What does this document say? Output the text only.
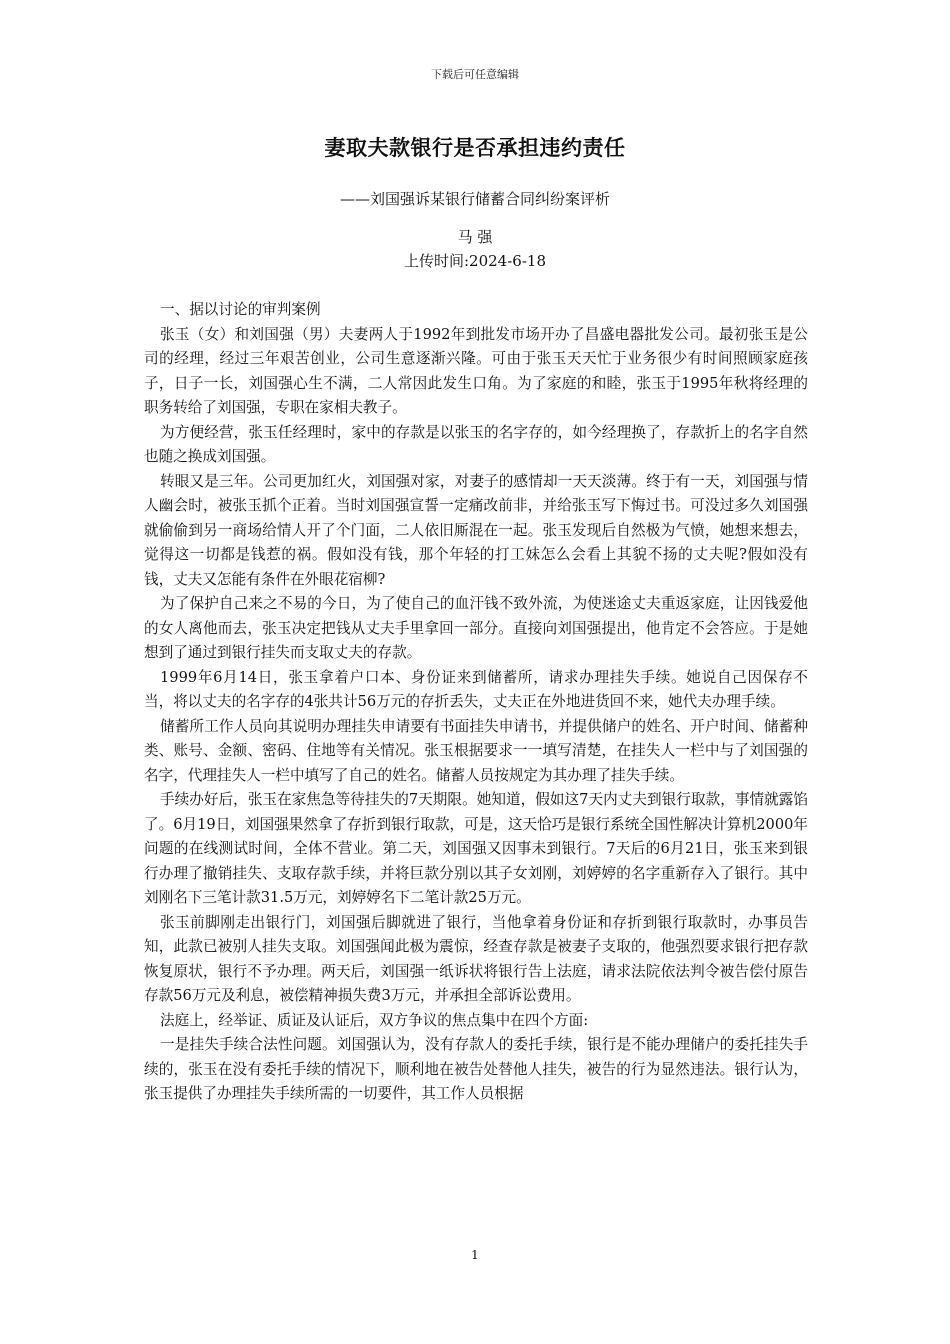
下载后可任意编辑
妻取夫款银行是否承担违约责任
——刘国强诉某银行储蓄合同纠纷案评析
马 强
上传时间:2024-6-18

一、据以讨论的审判案例

张玉（女）和刘国强（男）夫妻两人于1992年到批发市场开办了昌盛电器批发公司。最初张玉是公司的经理，经过三年艰苦创业，公司生意逐渐兴隆。可由于张玉天天忙于业务很少有时间照顾家庭孩子，日子一长，刘国强心生不满，二人常因此发生口角。为了家庭的和睦，张玉于1995年秋将经理的职务转给了刘国强，专职在家相夫教子。

为方便经营，张玉任经理时，家中的存款是以张玉的名字存的，如今经理换了，存款折上的名字自然也随之换成刘国强。

转眼又是三年。公司更加红火，刘国强对家，对妻子的感情却一天天淡薄。终于有一天，刘国强与情人幽会时，被张玉抓个正着。当时刘国强宣誓一定痛改前非，并给张玉写下悔过书。可没过多久刘国强就偷偷到另一商场给情人开了个门面，二人依旧厮混在一起。张玉发现后自然极为气愤，她想来想去，觉得这一切都是钱惹的祸。假如没有钱，那个年轻的打工妹怎么会看上其貌不扬的丈夫呢?假如没有钱，丈夫又怎能有条件在外眼花宿柳?

为了保护自己来之不易的今日，为了使自己的血汗钱不致外流，为使迷途丈夫重返家庭，让因钱爱他的女人离他而去，张玉决定把钱从丈夫手里拿回一部分。直接向刘国强提出，他肯定不会答应。于是她想到了通过到银行挂失而支取丈夫的存款。

1999年6月14日，张玉拿着户口本、身份证来到储蓄所，请求办理挂失手续。她说自己因保存不当，将以丈夫的名字存的4张共计56万元的存折丢失，丈夫正在外地进货回不来，她代夫办理手续。

储蓄所工作人员向其说明办理挂失申请要有书面挂失申请书，并提供储户的姓名、开户时间、储蓄种类、账号、金额、密码、住地等有关情况。张玉根据要求一一填写清楚，在挂失人一栏中与了刘国强的名字，代理挂失人一栏中填写了自己的姓名。储蓄人员按规定为其办理了挂失手续。

手续办好后，张玉在家焦急等待挂失的7天期限。她知道，假如这7天内丈夫到银行取款，事情就露馅了。6月19日，刘国强果然拿了存折到银行取款，可是，这天恰巧是银行系统全国性解决计算机2000年问题的在线测试时间，全体不营业。第二天，刘国强又因事未到银行。7天后的6月21日，张玉来到银行办理了撤销挂失、支取存款手续，并将巨款分别以其子女刘刚，刘婷婷的名字重新存入了银行。其中刘刚名下三笔计款31.5万元，刘婷婷名下二笔计款25万元。

张玉前脚刚走出银行门，刘国强后脚就进了银行，当他拿着身份证和存折到银行取款时，办事员告知，此款已被别人挂失支取。刘国强闻此极为震惊，经查存款是被妻子支取的，他强烈要求银行把存款恢复原状，银行不予办理。两天后，刘国强一纸诉状将银行告上法庭，请求法院依法判令被告偿付原告存款56万元及利息，被偿精神损失费3万元，并承担全部诉讼费用。

法庭上，经举证、质证及认证后，双方争议的焦点集中在四个方面:

一是挂失手续合法性问题。刘国强认为，没有存款人的委托手续，银行是不能办理储户的委托挂失手续的，张玉在没有委托手续的情况下，顺利地在被告处替他人挂失，被告的行为显然违法。银行认为，张玉提供了办理挂失手续所需的一切要件，其工作人员根据

1
